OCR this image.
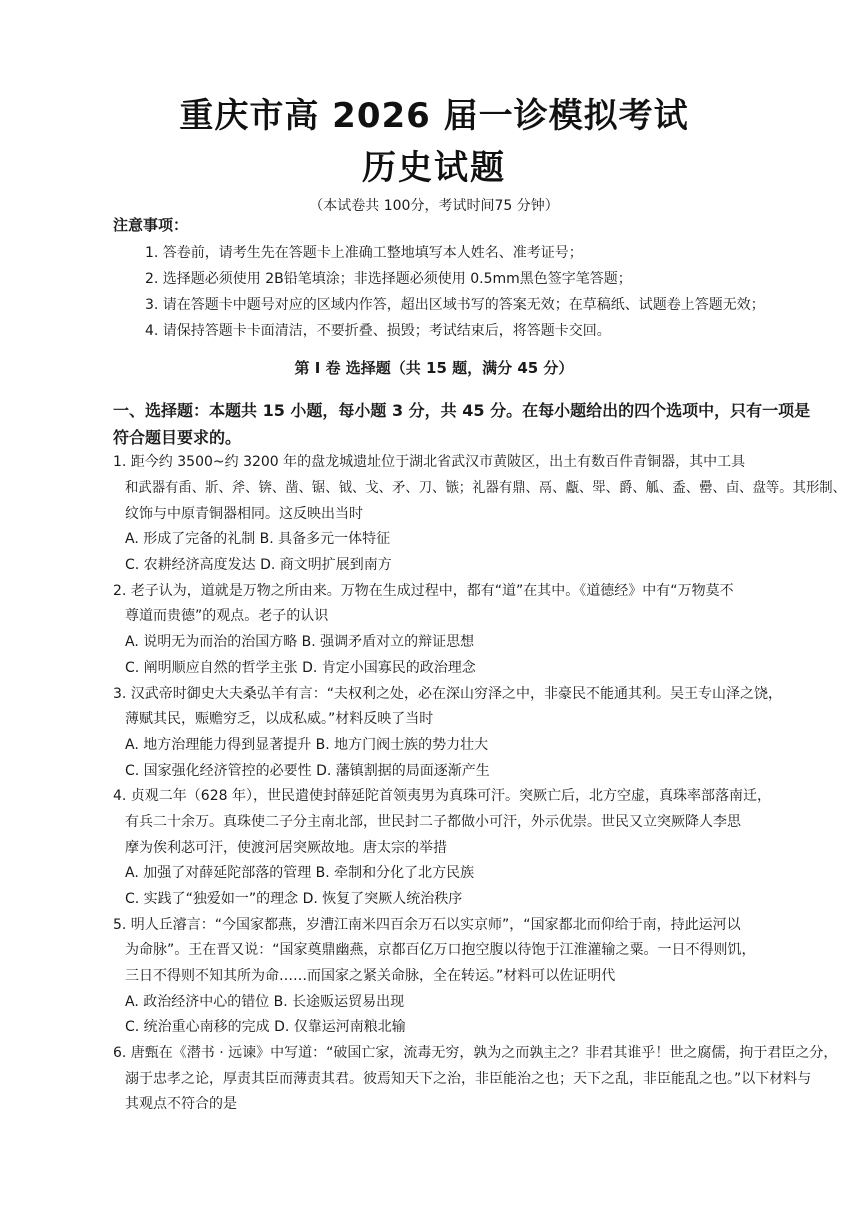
重庆市高 2026 届一诊模拟考试
历史试题
（本试卷共 100分，考试时间75 分钟）
注意事项：
1. 答卷前，请考生先在答题卡上准确工整地填写本人姓名、准考证号；
2. 选择题必须使用 2B铅笔填涂；非选择题必须使用 0.5mm黑色签字笔答题；
3. 请在答题卡中题号对应的区域内作答，超出区域书写的答案无效；在草稿纸、试题卷上答题无效；
4. 请保持答题卡卡面清洁，不要折叠、损毁；考试结束后，将答题卡交回。
第 I 卷 选择题（共 15 题，满分 45 分）
一、选择题：本题共 15 小题，每小题 3 分，共 45 分。在每小题给出的四个选项中，只有一项是
符合题目要求的。
1. 距今约 3500~约 3200 年的盘龙城遗址位于湖北省武汉市黄陂区，出土有数百件青铜器，其中工具
和武器有臿、斨、斧、锛、凿、锯、钺、戈、矛、刀、镞；礼器有鼎、鬲、甗、斝、爵、觚、盉、罍、卣、盘等。其形制、
纹饰与中原青铜器相同。这反映出当时
A. 形成了完备的礼制 B. 具备多元一体特征
C. 农耕经济高度发达 D. 商文明扩展到南方
2. 老子认为，道就是万物之所由来。万物在生成过程中，都有“道”在其中。《道德经》中有“万物莫不
尊道而贵德”的观点。老子的认识
A. 说明无为而治的治国方略 B. 强调矛盾对立的辩证思想
C. 阐明顺应自然的哲学主张 D. 肯定小国寡民的政治理念
3. 汉武帝时御史大夫桑弘羊有言：“夫权利之处，必在深山穷泽之中，非豪民不能通其利。吴王专山泽之饶，
薄赋其民，赈赡穷乏，以成私威。”材料反映了当时
A. 地方治理能力得到显著提升 B. 地方门阀士族的势力壮大
C. 国家强化经济管控的必要性 D. 藩镇割据的局面逐渐产生
4. 贞观二年（628 年），世民遣使封薛延陀首领夷男为真珠可汗。突厥亡后，北方空虚，真珠率部落南迁，
有兵二十余万。真珠使二子分主南北部，世民封二子都做小可汗，外示优崇。世民又立突厥降人李思
摩为俟利苾可汗，使渡河居突厥故地。唐太宗的举措
A. 加强了对薛延陀部落的管理 B. 牵制和分化了北方民族
C. 实践了“独爱如一”的理念 D. 恢复了突厥人统治秩序
5. 明人丘濬言：“今国家都燕，岁漕江南米四百余万石以实京师”，“国家都北而仰给于南，持此运河以
为命脉”。王在晋又说：“国家奠鼎幽燕，京都百亿万口抱空腹以待饱于江淮灌输之粟。一日不得则饥，
三日不得则不知其所为命……而国家之紧关命脉，全在转运。”材料可以佐证明代
A. 政治经济中心的错位 B. 长途贩运贸易出现
C. 统治重心南移的完成 D. 仅靠运河南粮北输
6. 唐甄在《潜书 · 远谏》中写道：“破国亡家，流毒无穷，孰为之而孰主之？非君其谁乎！世之腐儒，拘于君臣之分，
溺于忠孝之论，厚责其臣而薄责其君。彼焉知天下之治，非臣能治之也；天下之乱，非臣能乱之也。”以下材料与
其观点不符合的是
